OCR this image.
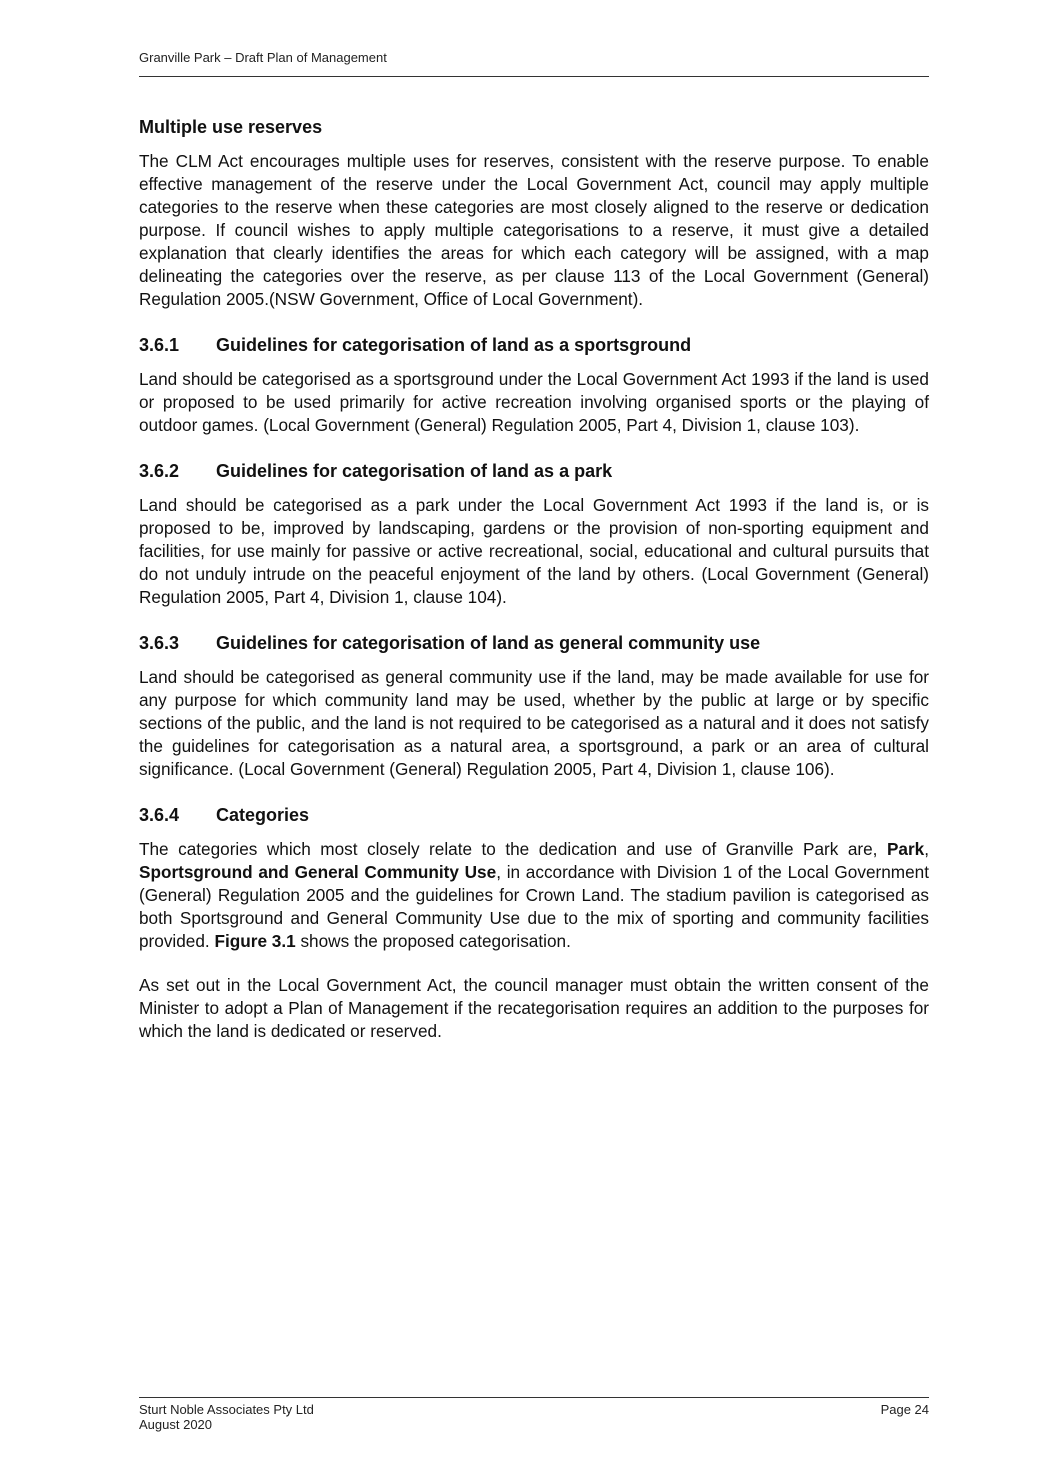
Granville Park – Draft Plan of Management
Multiple use reserves

The CLM Act encourages multiple uses for reserves, consistent with the reserve purpose. To enable effective management of the reserve under the Local Government Act, council may apply multiple categories to the reserve when these categories are most closely aligned to the reserve or dedication purpose. If council wishes to apply multiple categorisations to a reserve, it must give a detailed explanation that clearly identifies the areas for which each category will be assigned, with a map delineating the categories over the reserve, as per clause 113 of the Local Government (General) Regulation 2005.(NSW Government, Office of Local Government).

3.6.1	Guidelines for categorisation of land as a sportsground

Land should be categorised as a sportsground under the Local Government Act 1993 if the land is used or proposed to be used primarily for active recreation involving organised sports or the playing of outdoor games. (Local Government (General) Regulation 2005, Part 4, Division 1, clause 103).

3.6.2	Guidelines for categorisation of land as a park

Land should be categorised as a park under the Local Government Act 1993 if the land is, or is proposed to be, improved by landscaping, gardens or the provision of non-sporting equipment and facilities, for use mainly for passive or active recreational, social, educational and cultural pursuits that do not unduly intrude on the peaceful enjoyment of the land by others. (Local Government (General) Regulation 2005, Part 4, Division 1, clause 104).

3.6.3	Guidelines for categorisation of land as general community use

Land should be categorised as general community use if the land, may be made available for use for any purpose for which community land may be used, whether by the public at large or by specific sections of the public, and the land is not required to be categorised as a natural and it does not satisfy the guidelines for categorisation as a natural area, a sportsground, a park or an area of cultural significance. (Local Government (General) Regulation 2005, Part 4, Division 1, clause 106).

3.6.4	Categories

The categories which most closely relate to the dedication and use of Granville Park are, Park, Sportsground and General Community Use, in accordance with Division 1 of the Local Government (General) Regulation 2005 and the guidelines for Crown Land. The stadium pavilion is categorised as both Sportsground and General Community Use due to the mix of sporting and community facilities provided. Figure 3.1 shows the proposed categorisation.

As set out in the Local Government Act, the council manager must obtain the written consent of the Minister to adopt a Plan of Management if the recategorisation requires an addition to the purposes for which the land is dedicated or reserved.

Sturt Noble Associates Pty Ltd
August 2020
Page 24
